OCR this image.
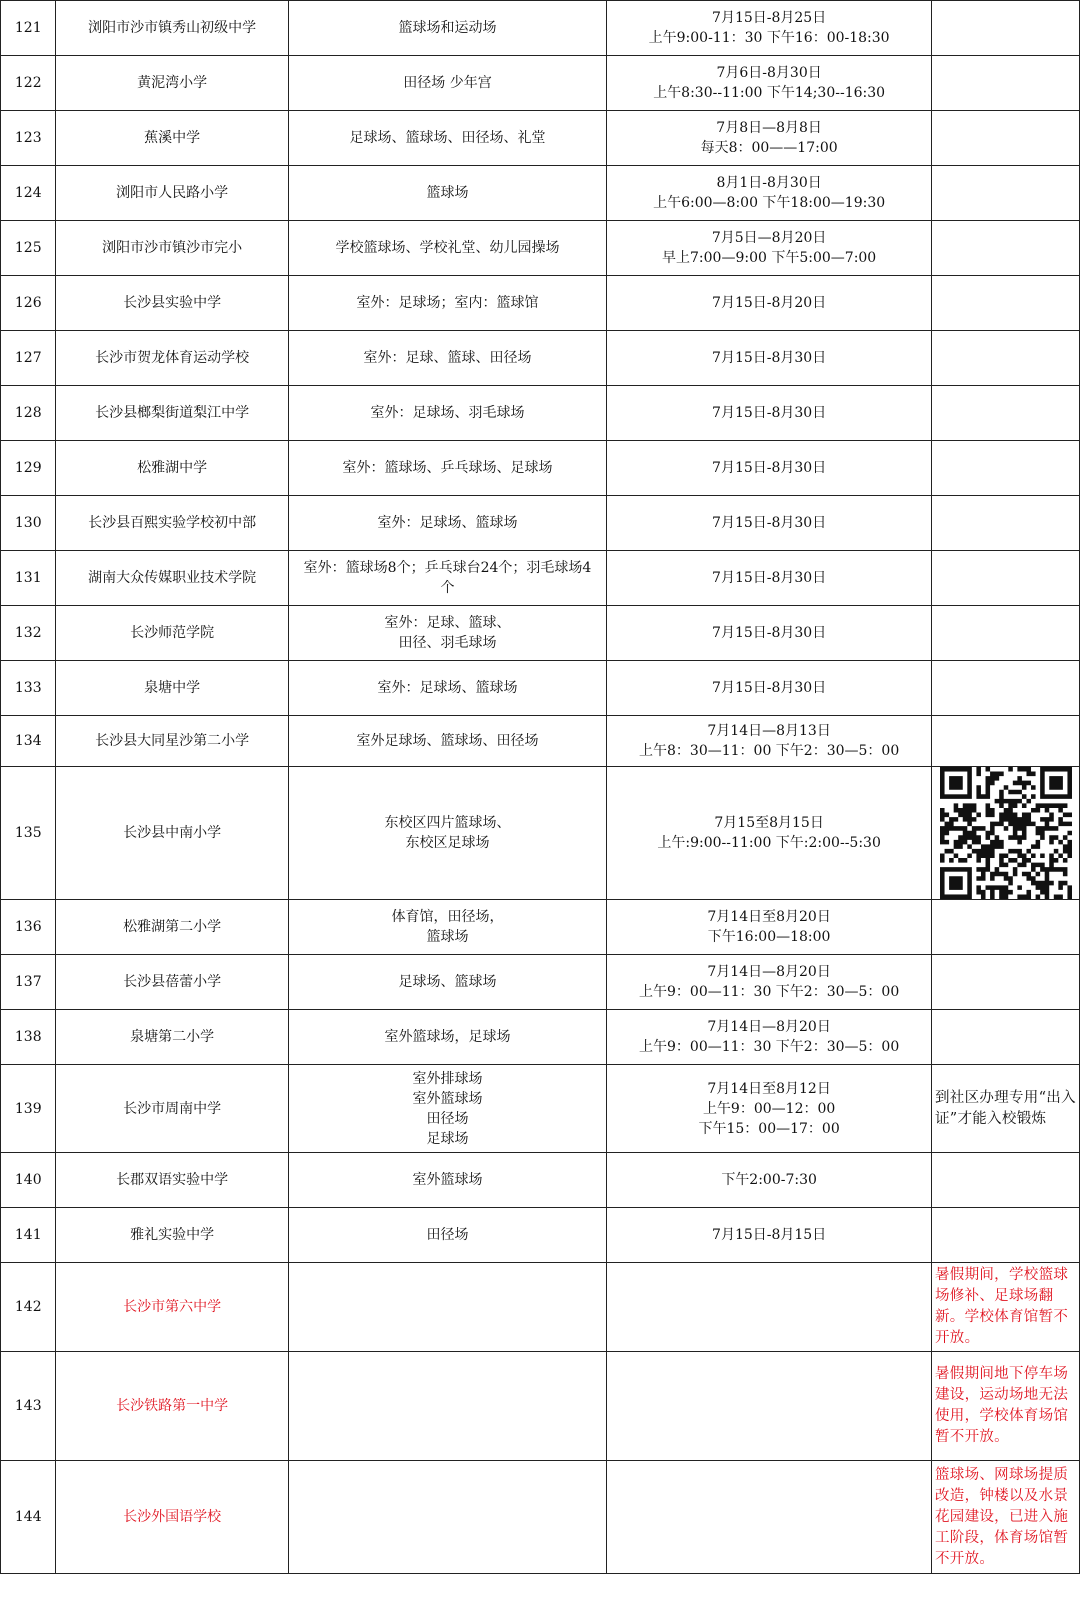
121	浏阳市沙市镇秀山初级中学	篮球场和运动场	7月15日-8月25日
上午9:00-11：30 下午16：00-18:30	
122	黄泥湾小学	田径场 少年宫	7月6日-8月30日
上午8:30--11:00 下午14;30--16:30	
123	蕉溪中学	足球场、篮球场、田径场、礼堂	7月8日—8月8日
每天8：00——17:00	
124	浏阳市人民路小学	篮球场	8月1日-8月30日
上午6:00—8:00 下午18:00—19:30	
125	浏阳市沙市镇沙市完小	学校篮球场、学校礼堂、幼儿园操场	7月5日—8月20日
早上7:00—9:00 下午5:00—7:00	
126	长沙县实验中学	室外：足球场；室内：篮球馆	7月15日-8月20日	
127	长沙市贺龙体育运动学校	室外：足球、篮球、田径场	7月15日-8月30日	
128	长沙县榔梨街道梨江中学	室外：足球场、羽毛球场	7月15日-8月30日	
129	松雅湖中学	室外：篮球场、乒乓球场、足球场	7月15日-8月30日	
130	长沙县百熙实验学校初中部	室外：足球场、篮球场	7月15日-8月30日	
131	湖南大众传媒职业技术学院	室外：篮球场8个；乒乓球台24个；羽毛球场4
个	7月15日-8月30日	
132	长沙师范学院	室外：足球、篮球、
田径、羽毛球场	7月15日-8月30日	
133	泉塘中学	室外：足球场、篮球场	7月15日-8月30日	
134	长沙县大同星沙第二小学	室外足球场、篮球场、田径场	7月14日—8月13日
上午8：30—11：00 下午2：30—5：00	
135	长沙县中南小学	东校区四片篮球场、
东校区足球场	7月15至8月15日
上午:9:00--11:00 下午:2:00--5:30	

136	松雅湖第二小学	体育馆，田径场，
篮球场	7月14日至8月20日
下午16:00—18:00	
137	长沙县蓓蕾小学	足球场、篮球场	7月14日—8月20日
上午9：00—11：30 下午2：30—5：00	
138	泉塘第二小学	室外篮球场，足球场	7月14日—8月20日
上午9：00—11：30 下午2：30—5：00	
139	长沙市周南中学	室外排球场
室外篮球场
田径场
足球场	7月14日至8月12日
上午9：00—12：00
下午15：00—17：00	到社区办理专用“出入证”才能入校锻炼
140	长郡双语实验中学	室外篮球场	下午2:00-7:30	
141	雅礼实验中学	田径场	7月15日-8月15日	
142	长沙市第六中学			暑假期间，学校篮球场修补、足球场翻新。学校体育馆暂不开放。
143	长沙铁路第一中学			暑假期间地下停车场建设，运动场地无法使用，学校体育场馆暂不开放。
144	长沙外国语学校			篮球场、网球场提质改造，钟楼以及水景花园建设，已进入施工阶段，体育场馆暂不开放。
